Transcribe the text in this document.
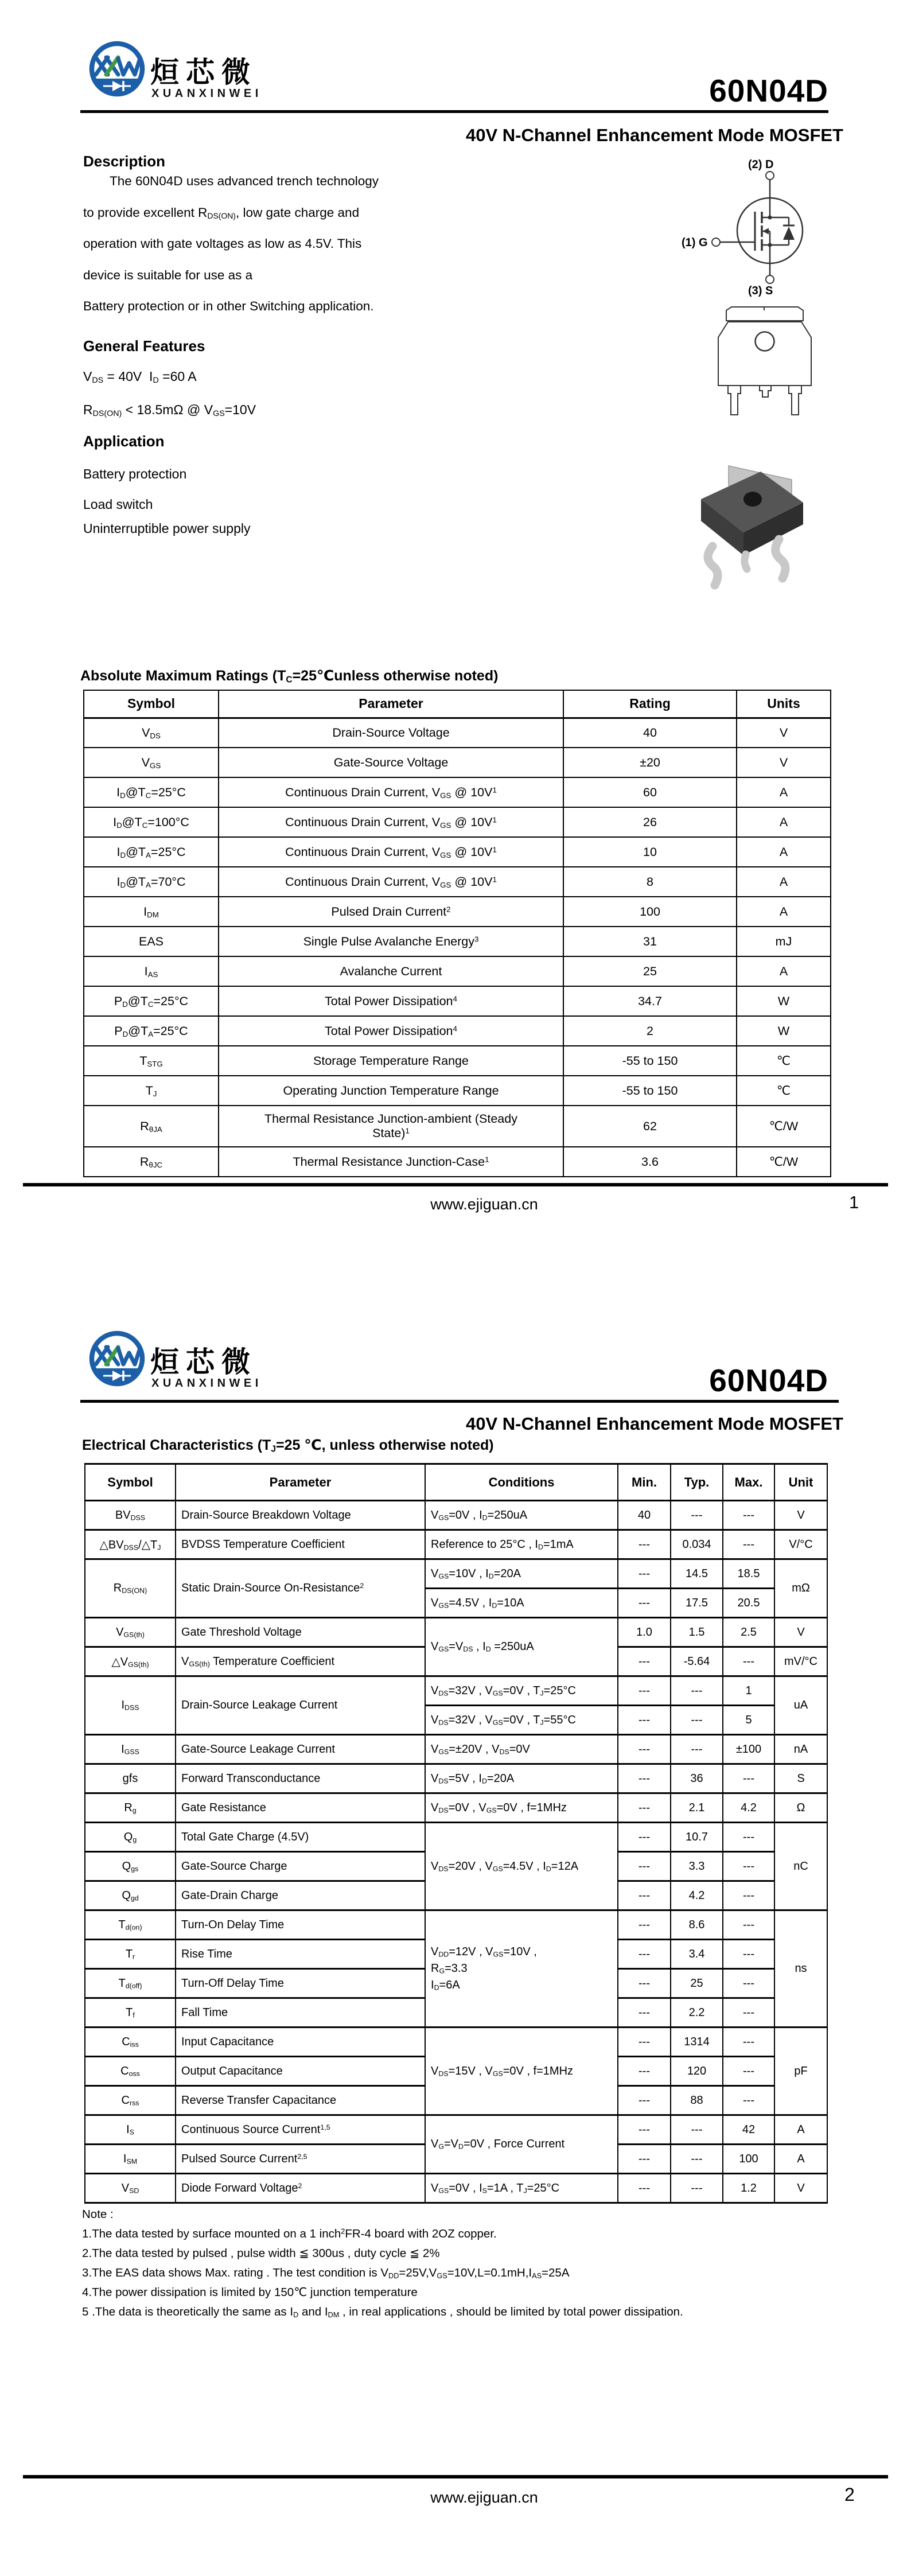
烜芯微
XUANXINWEI	60N04D
40V N-Channel Enhancement Mode MOSFET
Description
The 60N04D uses advanced trench technology
to provide excellent $R_{DS(ON)}$, low gate charge and
operation with gate voltages as low as 4.5V. This
device is suitable for use as a
Battery protection or in other Switching application.
General Features
$V_{DS} = 40V$  $I_D =60$ A
$R_{DS(ON)} < 18.5m\Omega$ @ $V_{GS}=10V$
Application
Battery protection
Load switch
Uninterruptible power supply
(2) D
(1) G
(3) S
Absolute Maximum Ratings ($T_C=25℃unless$ otherwise noted)
Symbol	Parameter	Rating	Units
$V_{DS}$	Drain-Source Voltage	40	V
$V_{GS}$	Gate-Source Voltage	±20	V
$I_D@T_C=25^\circ C$	Continuous Drain Current, $V_{GS}$ @ $10V^1$	60	A
$I_D@T_C=100^\circ C$	Continuous Drain Current, $V_{GS}$ @ $10V^1$	26	A
$I_D@T_A=25^\circ C$	Continuous Drain Current, $V_{GS}$ @ $10V^1$	10	A
$I_D@T_A=70^\circ C$	Continuous Drain Current, $V_{GS}$ @ $10V^1$	8	A
$I_{DM}$	Pulsed Drain Current$^2$	100	A
EAS	Single Pulse Avalanche Energy$^3$	31	mJ
$I_{AS}$	Avalanche Current	25	A
$P_D@T_C=25^\circ C$	Total Power Dissipation$^4$	34.7	W
$P_D@T_A=25^\circ C$	Total Power Dissipation$^4$	2	W
$T_{STG}$	Storage Temperature Range	-55 to 150	℃
$T_J$	Operating Junction Temperature Range	-55 to 150	℃
$R_{\theta JA}$	Thermal Resistance Junction-ambient (Steady
State)$^1$	62	℃/W
$R_{\theta JC}$	Thermal Resistance Junction-Case$^1$	3.6	℃/W
www.ejiguan.cn	1
烜芯微
XUANXINWEI	60N04D
40V N-Channel Enhancement Mode MOSFET
Electrical Characteristics ($T_J=25$ ℃, unless otherwise noted)
Symbol	Parameter	Conditions	Min.	Typ.	Max.	Unit
$BV_{DSS}$	Drain-Source Breakdown Voltage	$V_{GS}=0V$ , $I_D=250uA$	40	---	---	V
$\triangle BV_{DSS}/\triangle T_J$	BVDSS Temperature Coefficient	Reference to 25°C , $I_D=1mA$	---	0.034	---	V/°C
$R_{DS(ON)}$	Static Drain-Source On-Resistance$^2$	$V_{GS}=10V$ , $I_D=20A$	---	14.5	18.5	mΩ
		$V_{GS}=4.5V$ , $I_D=10A$	---	17.5	20.5	
$V_{GS(th)}$	Gate Threshold Voltage	$V_{GS}=V_{DS}$ , $I_D =250uA$	1.0	1.5	2.5	V
$\triangle V_{GS(th)}$	$V_{GS(th)}$ Temperature Coefficient		---	-5.64	---	mV/°C
$I_{DSS}$	Drain-Source Leakage Current	$V_{DS}=32V$ , $V_{GS}=0V$ , $T_J=25^\circ C$	---	---	1	uA
		$V_{DS}=32V$ , $V_{GS}=0V$ , $T_J=55^\circ C$	---	---	5	
$I_{GSS}$	Gate-Source Leakage Current	$V_{GS}=\pm 20V$ , $V_{DS}=0V$	---	---	±100	nA
gfs	Forward Transconductance	$V_{DS}=5V$ , $I_D=20A$	---	36	---	S
$R_g$	Gate Resistance	$V_{DS}=0V$ , $V_{GS}=0V$ , f=1MHz	---	2.1	4.2	Ω
$Q_g$	Total Gate Charge (4.5V)	$V_{DS}=20V$ , $V_{GS}=4.5V$ , $I_D=12A$	---	10.7	---	nC
$Q_{gs}$	Gate-Source Charge		---	3.3	---	
$Q_{gd}$	Gate-Drain Charge		---	4.2	---	
$T_{d(on)}$	Turn-On Delay Time	$V_{DD}=12V$ , $V_{GS}=10V$ ,
$R_G=3.3$
$I_D=6A$	---	8.6	---	ns
$T_r$	Rise Time		---	3.4	---	
$T_{d(off)}$	Turn-Off Delay Time		---	25	---	
$T_f$	Fall Time		---	2.2	---	
$C_{iss}$	Input Capacitance	$V_{DS}=15V$ , $V_{GS}=0V$ , f=1MHz	---	1314	---	pF
$C_{oss}$	Output Capacitance		---	120	---	
$C_{rss}$	Reverse Transfer Capacitance		---	88	---	
$I_S$	Continuous Source Current$^{1,5}$	$V_G=V_D=0V$ , Force Current	---	---	42	A
$I_{SM}$	Pulsed Source Current$^{2,5}$		---	---	100	A
$V_{SD}$	Diode Forward Voltage$^2$	$V_{GS}=0V$ , $I_S=1A$ , $T_J=25^\circ C$	---	---	1.2	V
Note :
1.The data tested by surface mounted on a 1 inch$^2$FR-4 board with 2OZ copper.
2.The data tested by pulsed , pulse width ≦ 300us , duty cycle ≦ 2%
3.The EAS data shows Max. rating . The test condition is $V_{DD}=25V,V_{GS}=10V,L=0.1mH,I_{AS}=25A$
4.The power dissipation is limited by 150℃ junction temperature
5 .The data is theoretically the same as $I_D$ and $I_{DM}$ , in real applications , should be limited by total power dissipation.
www.ejiguan.cn	2
